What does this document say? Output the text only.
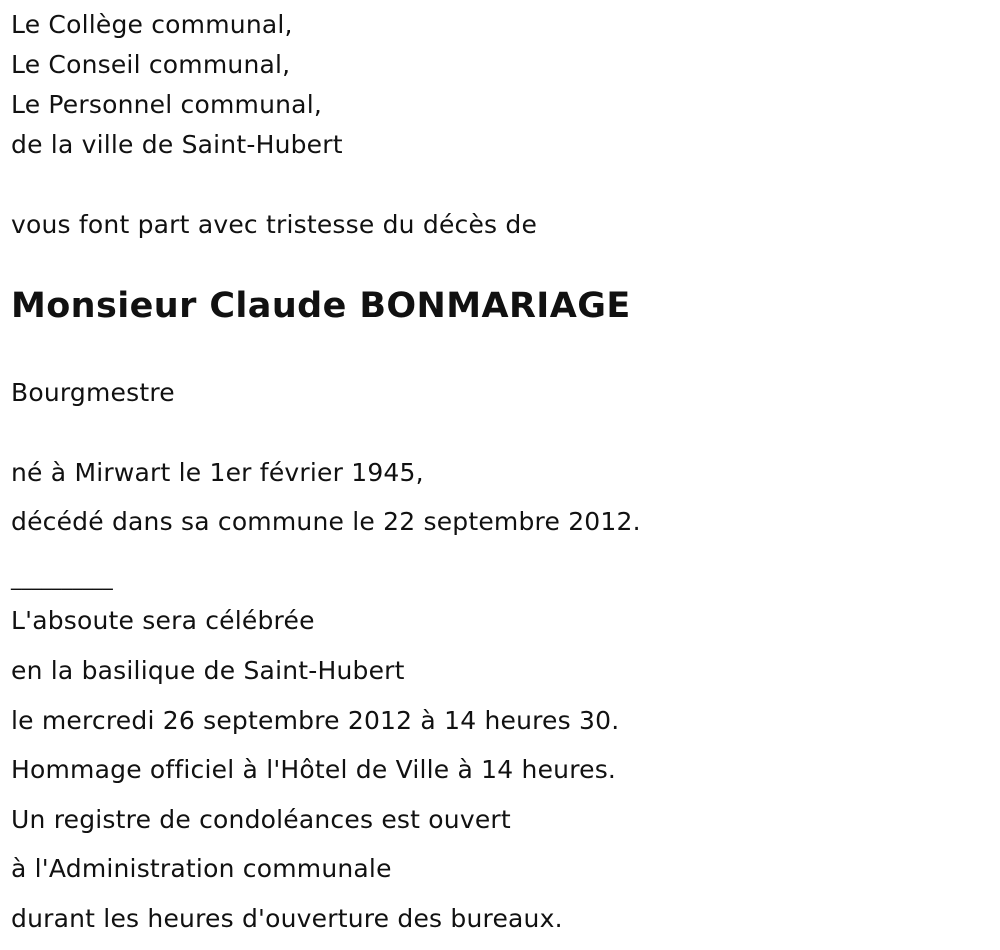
Le Collège communal,
Le Conseil communal,
Le Personnel communal,
de la ville de Saint-Hubert
vous font part avec tristesse du décès de
Monsieur Claude BONMARIAGE
Bourgmestre
né à Mirwart le 1er février 1945,
décédé dans sa commune le 22 septembre 2012.
__________
L'absoute sera célébrée
en la basilique de Saint-Hubert
le mercredi 26 septembre 2012 à 14 heures 30.
Hommage officiel à l'Hôtel de Ville à 14 heures.
Un registre de condoléances est ouvert
à l'Administration communale
durant les heures d'ouverture des bureaux.
